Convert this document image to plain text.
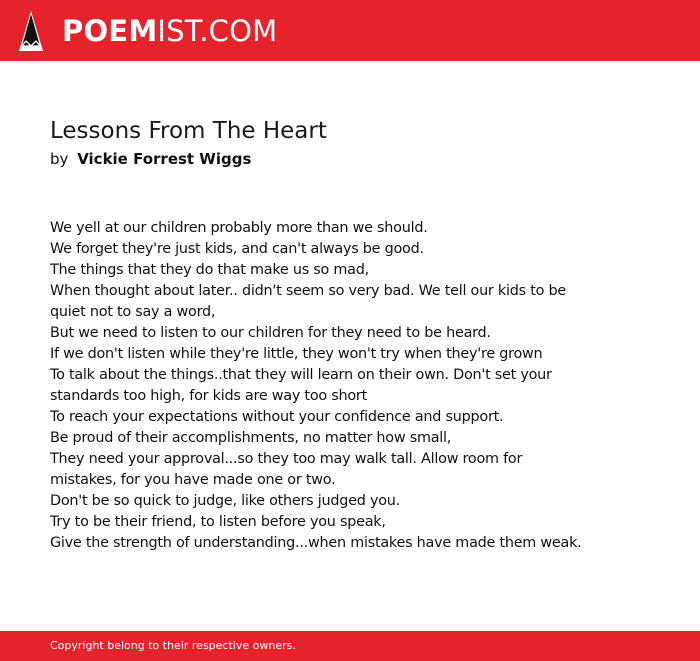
POEMIST.COM
Lessons From The Heart
by Vickie Forrest Wiggs
We yell at our children probably more than we should.
We forget they're just kids, and can't always be good.
The things that they do that make us so mad,
When thought about later.. didn't seem so very bad. We tell our kids to be
quiet not to say a word,
But we need to listen to our children for they need to be heard.
If we don't listen while they're little, they won't try when they're grown
To talk about the things..that they will learn on their own. Don't set your
standards too high, for kids are way too short
To reach your expectations without your confidence and support.
Be proud of their accomplishments, no matter how small,
They need your approval...so they too may walk tall. Allow room for
mistakes, for you have made one or two.
Don't be so quick to judge, like others judged you.
Try to be their friend, to listen before you speak,
Give the strength of understanding...when mistakes have made them weak.
Copyright belong to their respective owners.
